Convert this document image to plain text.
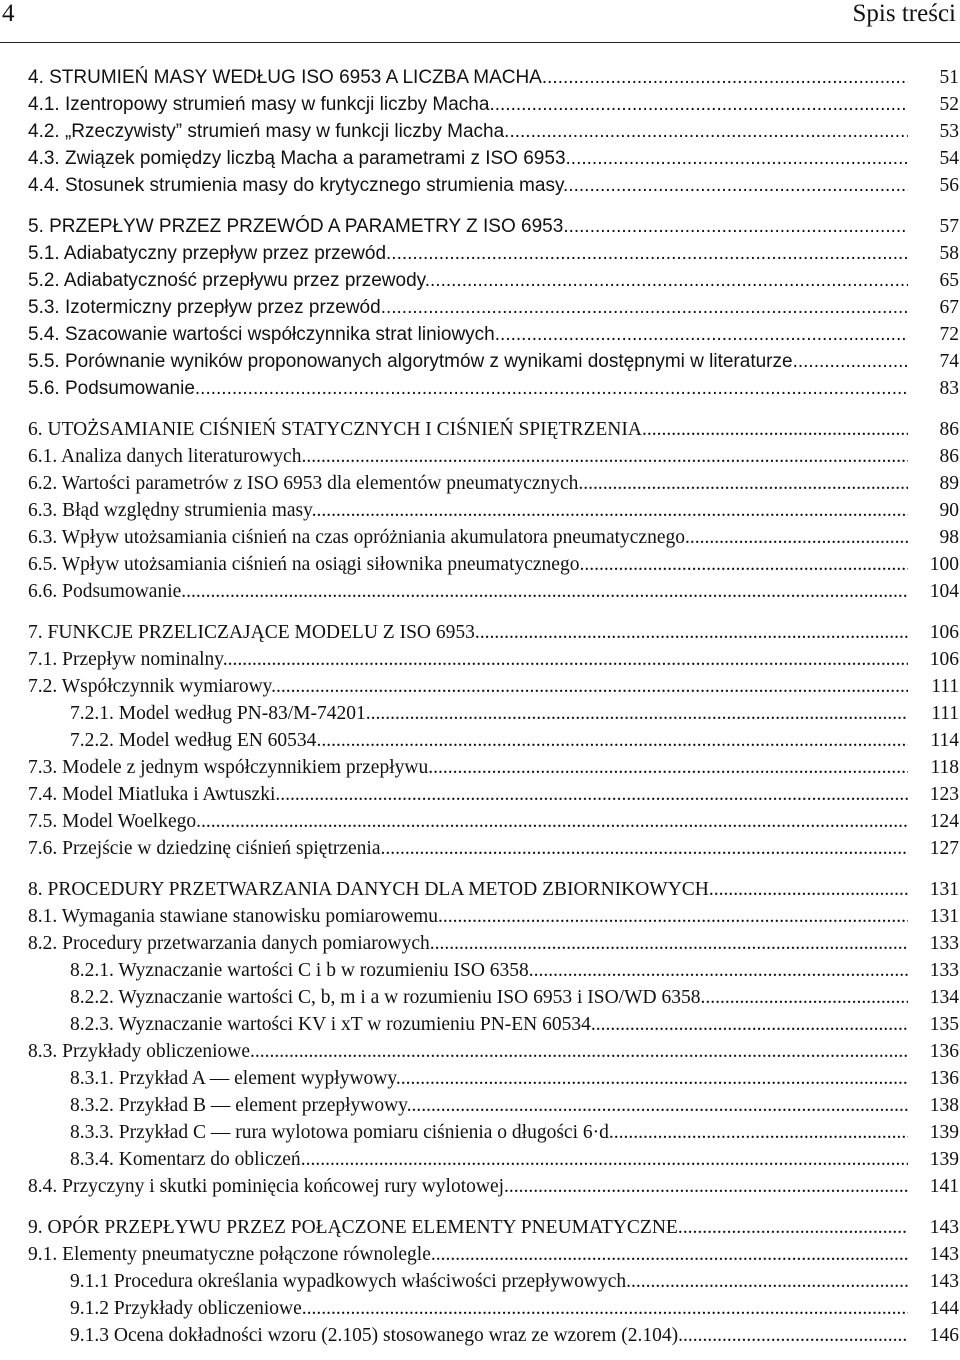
4	Spis treści
4. STRUMIEŃ MASY WEDŁUG ISO 6953 A LICZBA MACHA .....	51
4.1. Izentropowy strumień masy w funkcji liczby Macha .....	52
4.2. „Rzeczywisty” strumień masy w funkcji liczby Macha .....	53
4.3. Związek pomiędzy liczbą Macha a parametrami z ISO 6953 .....	54
4.4. Stosunek strumienia masy do krytycznego strumienia masy .....	56
5. PRZEPŁYW PRZEZ PRZEWÓD A PARAMETRY Z ISO 6953 .....	57
5.1. Adiabatyczny przepływ przez przewód .....	58
5.2. Adiabatyczność przepływu przez przewody .....	65
5.3. Izotermiczny przepływ przez przewód .....	67
5.4. Szacowanie wartości współczynnika strat liniowych .....	72
5.5. Porównanie wyników proponowanych algorytmów z wynikami dostępnymi w literaturze .....	74
5.6. Podsumowanie .....	83
6. UTOŻSAMIANIE CIŚNIEŃ STATYCZNYCH I CIŚNIEŃ SPIĘTRZENIA .....	86
6.1. Analiza danych literaturowych .....	86
6.2. Wartości parametrów z ISO 6953 dla elementów pneumatycznych .....	89
6.3. Błąd względny strumienia masy .....	90
6.3. Wpływ utożsamiania ciśnień na czas opróżniania akumulatora pneumatycznego .....	98
6.5. Wpływ utożsamiania ciśnień na osiągi siłownika pneumatycznego .....	100
6.6. Podsumowanie .....	104
7. FUNKCJE PRZELICZAJĄCE MODELU Z ISO 6953 .....	106
7.1. Przepływ nominalny .....	106
7.2. Współczynnik wymiarowy .....	111
7.2.1. Model według PN-83/M-74201 .....	111
7.2.2. Model według EN 60534 .....	114
7.3. Modele z jednym współczynnikiem przepływu .....	118
7.4. Model Miatluka i Awtuszki .....	123
7.5. Model Woelkego .....	124
7.6. Przejście w dziedzinę ciśnień spiętrzenia .....	127
8. PROCEDURY PRZETWARZANIA DANYCH DLA METOD ZBIORNIKOWYCH .....	131
8.1. Wymagania stawiane stanowisku pomiarowemu .....	131
8.2. Procedury przetwarzania danych pomiarowych .....	133
8.2.1. Wyznaczanie wartości C i b w rozumieniu ISO 6358 .....	133
8.2.2. Wyznaczanie wartości C, b, m i a w rozumieniu ISO 6953 i ISO/WD 6358 .....	134
8.2.3. Wyznaczanie wartości KV i xT w rozumieniu PN-EN 60534 .....	135
8.3. Przykłady obliczeniowe .....	136
8.3.1. Przykład A — element wypływowy .....	136
8.3.2. Przykład B — element przepływowy .....	138
8.3.3. Przykład C — rura wylotowa pomiaru ciśnienia o długości 6·d .....	139
8.3.4. Komentarz do obliczeń .....	139
8.4. Przyczyny i skutki pominięcia końcowej rury wylotowej .....	141
9. OPÓR PRZEPŁYWU PRZEZ POŁĄCZONE ELEMENTY PNEUMATYCZNE .....	143
9.1. Elementy pneumatyczne połączone równolegle .....	143
9.1.1 Procedura określania wypadkowych właściwości przepływowych .....	143
9.1.2 Przykłady obliczeniowe .....	144
9.1.3 Ocena dokładności wzoru (2.105) stosowanego wraz ze wzorem (2.104) .....	146
